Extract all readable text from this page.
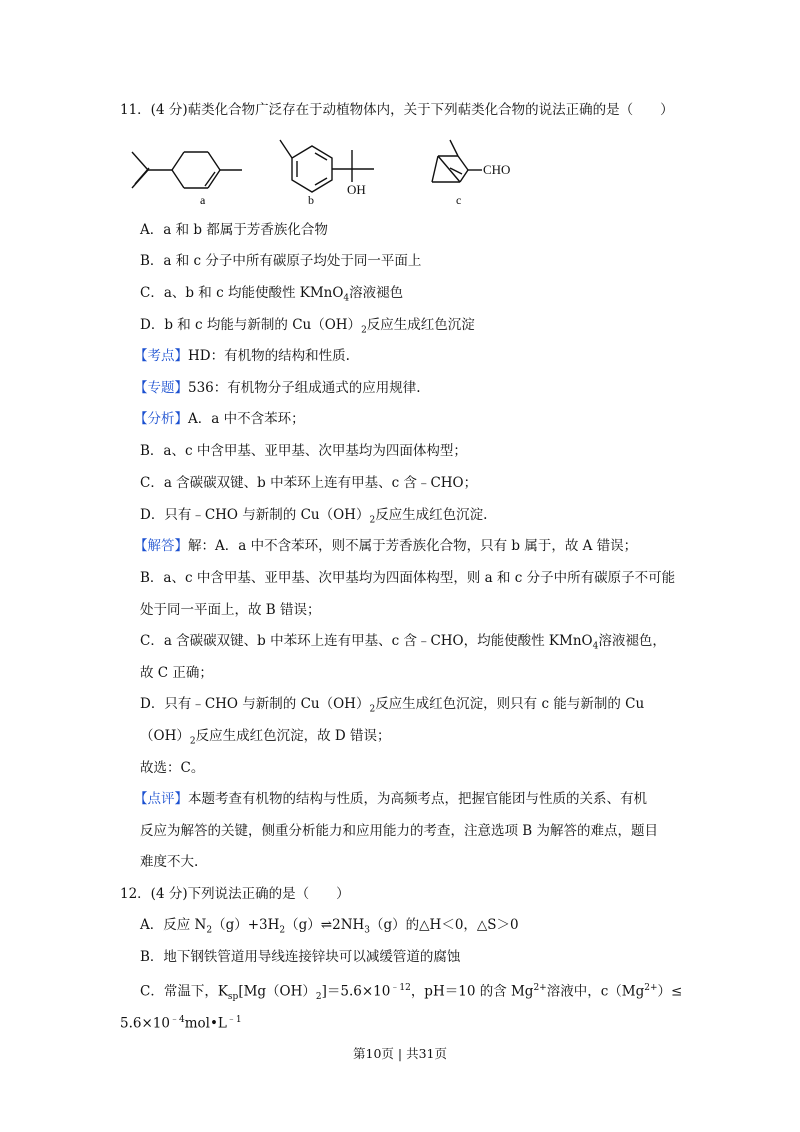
11．(4 分)萜类化合物广泛存在于动植物体内，关于下列萜类化合物的说法正确的是（　　）
a
OH
b
CHO
c
A．a 和 b 都属于芳香族化合物
B．a 和 c 分子中所有碳原子均处于同一平面上
C．a、b 和 c 均能使酸性 KMnO$_4$溶液褪色
D．b 和 c 均能与新制的 $Cu(OH)_2$反应生成红色沉淀
【考点】HD：有机物的结构和性质.
【专题】536：有机物分子组成通式的应用规律.
【分析】A．a 中不含苯环；
B．a、c 中含甲基、亚甲基、次甲基均为四面体构型；
C．a 含碳碳双键、b 中苯环上连有甲基、c 含﹣CHO；
D．只有﹣CHO 与新制的 $Cu(OH)_2$反应生成红色沉淀.
【解答】解：A．a 中不含苯环，则不属于芳香族化合物，只有 b 属于，故 A 错误；
B．a、c 中含甲基、亚甲基、次甲基均为四面体构型，则 a 和 c 分子中所有碳原子不可能
处于同一平面上，故 B 错误；
C．a 含碳碳双键、b 中苯环上连有甲基、c 含﹣CHO，均能使酸性 KMnO$_4$溶液褪色，
故 C 正确；
D．只有﹣CHO 与新制的 $Cu(OH)_2$反应生成红色沉淀，则只有 c 能与新制的 Cu
$(OH)_2$反应生成红色沉淀，故 D 错误；
故选：C。
【点评】本题考查有机物的结构与性质，为高频考点，把握官能团与性质的关系、有机
反应为解答的关键，侧重分析能力和应用能力的考查，注意选项 B 为解答的难点，题目
难度不大.
12．(4 分)下列说法正确的是（　　）
A．反应 $N_2(g)+3H_2(g)\rightleftharpoons 2NH_3(g)$的△H＜0，△S＞0
B．地下钢铁管道用导线连接锌块可以减缓管道的腐蚀
C．常温下，$K_{sp}[Mg(OH)_2]=5.6\times 10^{﹣12}$，pH＝10 的含 $Mg^{2+}$溶液中，$c(Mg^{2+})\le$
$5.6\times 10^{﹣4}mol•L^{﹣1}$
第10页 | 共31页
